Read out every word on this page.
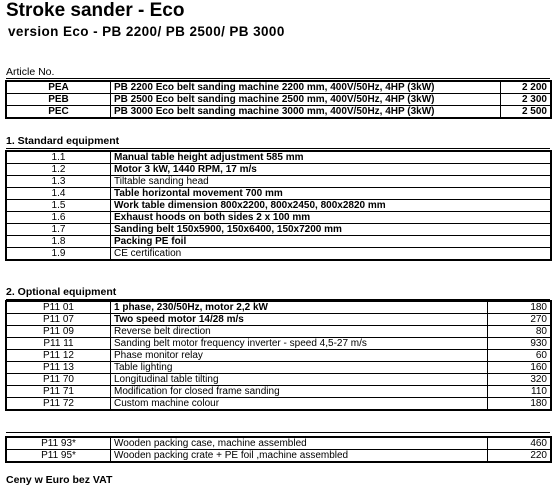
Stroke sander - Eco
version Eco - PB 2200/ PB 2500/ PB 3000
Article No.
PEA	PB 2200 Eco belt sanding machine 2200 mm, 400V/50Hz, 4HP (3kW)	2 200
PEB	PB 2500 Eco belt sanding machine 2500 mm, 400V/50Hz, 4HP (3kW)	2 300
PEC	PB 3000 Eco belt sanding machine 3000 mm, 400V/50Hz, 4HP (3kW)	2 500
1. Standard equipment
1.1	Manual table height adjustment 585 mm
1.2	Motor 3 kW, 1440 RPM, 17 m/s
1.3	Tiltable sanding head
1.4	Table horizontal movement 700 mm
1.5	Work table dimension 800x2200, 800x2450, 800x2820 mm
1.6	Exhaust hoods on both sides 2 x 100 mm
1.7	Sanding belt 150x5900, 150x6400, 150x7200 mm
1.8	Packing PE foil
1.9	CE certification
2. Optional equipment
P11 01	1 phase, 230/50Hz, motor 2,2 kW	180
P11 07	Two speed motor 14/28 m/s	270
P11 09	Reverse belt direction	80
P11 11	Sanding belt motor frequency inverter - speed 4,5-27 m/s	930
P11 12	Phase monitor relay	60
P11 13	Table lighting	160
P11 70	Longitudinal table tilting	320
P11 71	Modification for closed frame sanding	110
P11 72	Custom machine colour	180
P11 93*	Wooden packing case, machine assembled	460
P11 95*	Wooden packing crate + PE foil ,machine assembled	220
Ceny w Euro bez VAT
